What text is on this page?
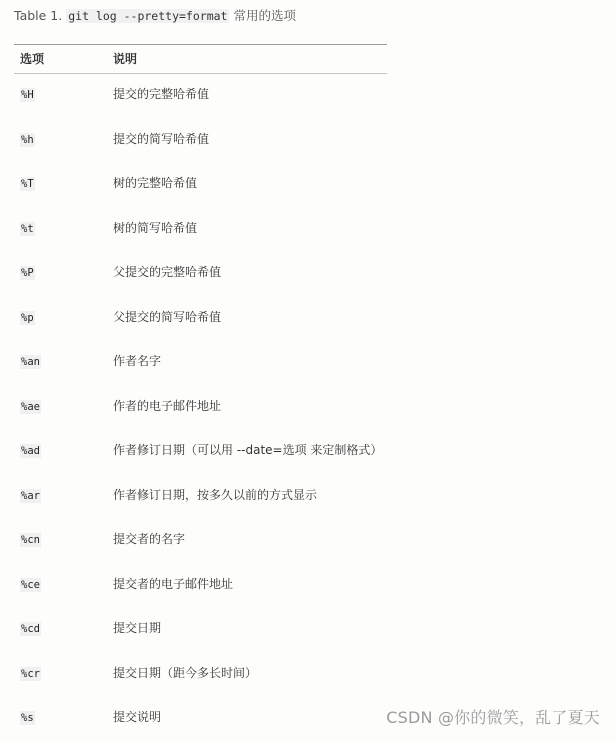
Table 1. git log --pretty=format 常用的选项
选项	说明
%H	提交的完整哈希值
%h	提交的简写哈希值
%T	树的完整哈希值
%t	树的简写哈希值
%P	父提交的完整哈希值
%p	父提交的简写哈希值
%an	作者名字
%ae	作者的电子邮件地址
%ad	作者修订日期（可以用 --date=选项 来定制格式）
%ar	作者修订日期，按多久以前的方式显示
%cn	提交者的名字
%ce	提交者的电子邮件地址
%cd	提交日期
%cr	提交日期（距今多长时间）
%s	提交说明	CSDN @你的微笑，乱了夏天
